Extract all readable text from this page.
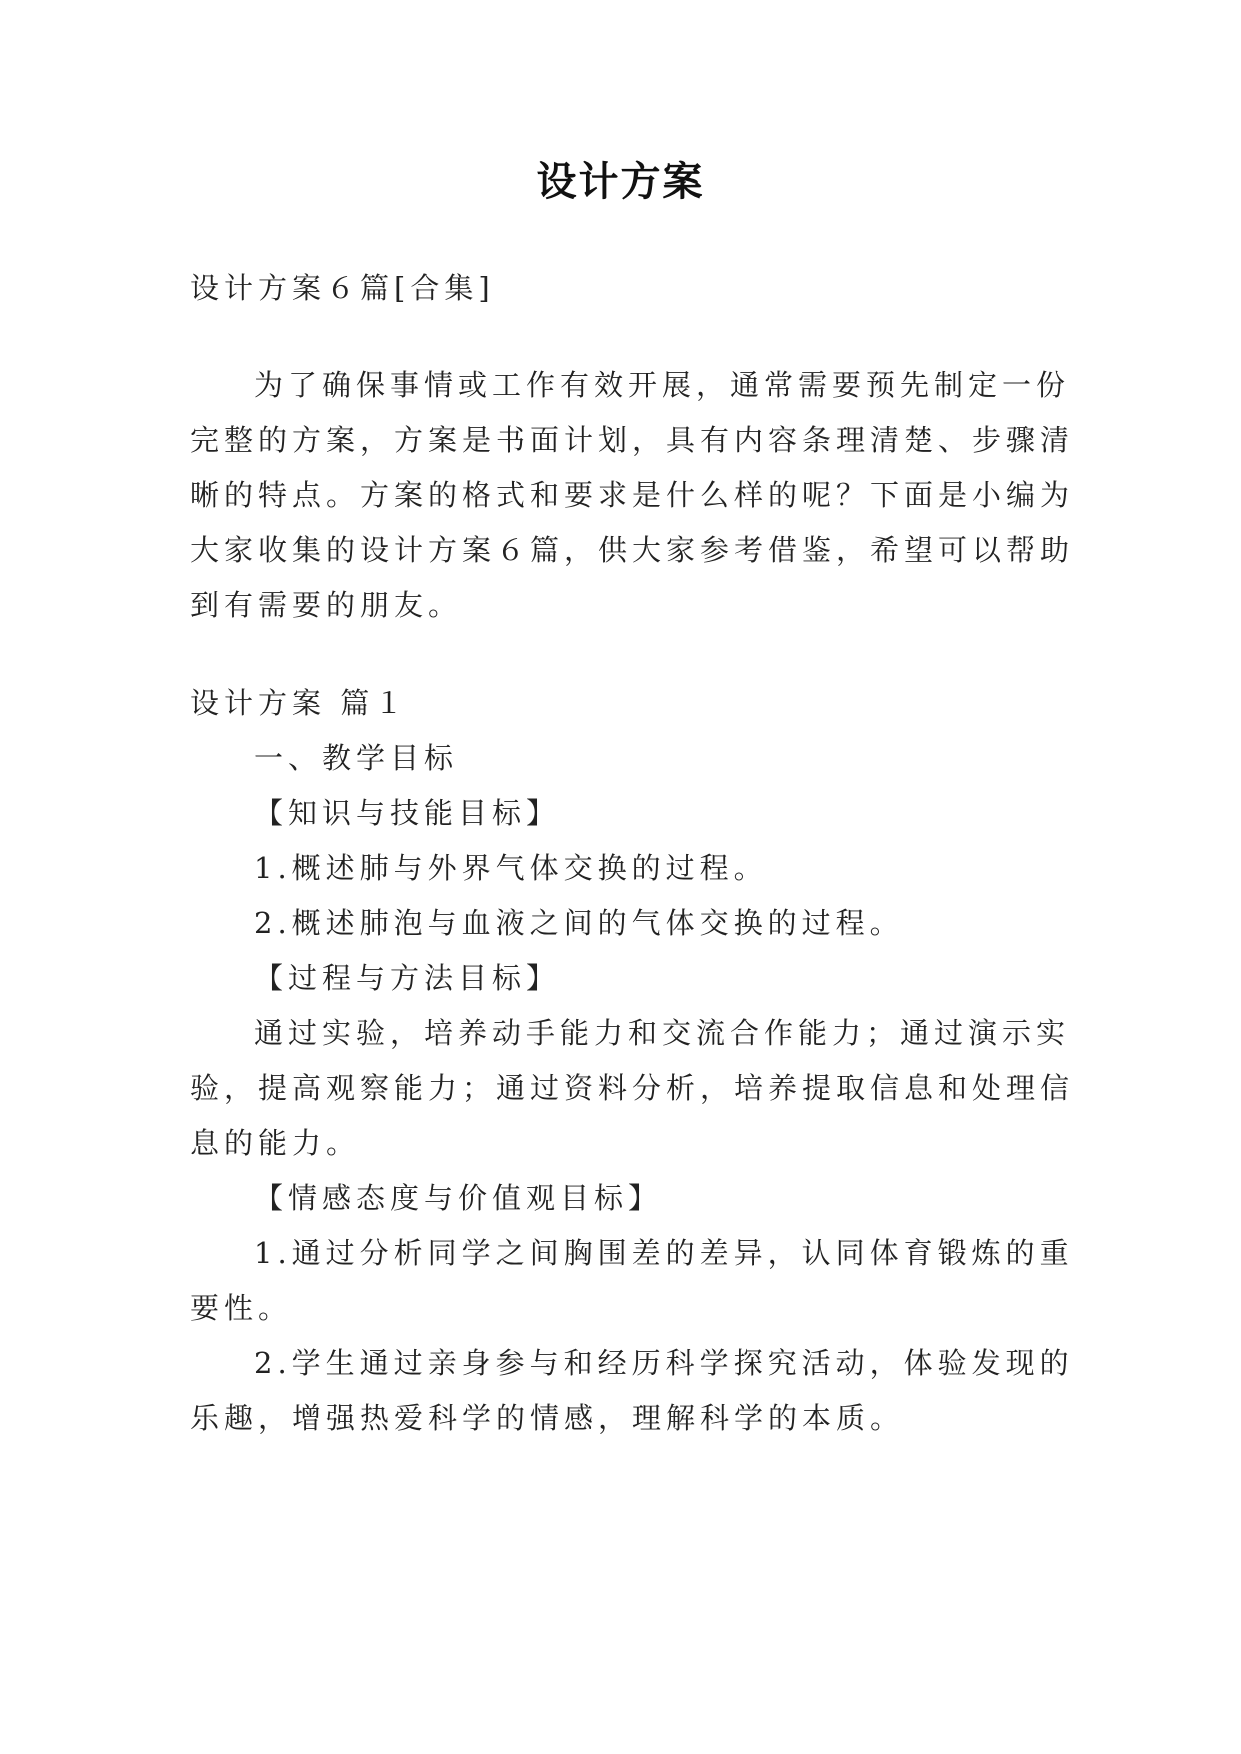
设计方案
设计方案６篇[合集]
为了确保事情或工作有效开展，通常需要预先制定一份
完整的方案，方案是书面计划，具有内容条理清楚、步骤清
晰的特点。方案的格式和要求是什么样的呢？下面是小编为
大家收集的设计方案６篇，供大家参考借鉴，希望可以帮助
到有需要的朋友。
设计方案 篇１
一、教学目标
【知识与技能目标】
1.概述肺与外界气体交换的过程。
2.概述肺泡与血液之间的气体交换的过程。
【过程与方法目标】
通过实验，培养动手能力和交流合作能力；通过演示实
验，提高观察能力；通过资料分析，培养提取信息和处理信
息的能力。
【情感态度与价值观目标】
1.通过分析同学之间胸围差的差异，认同体育锻炼的重
要性。
2.学生通过亲身参与和经历科学探究活动，体验发现的
乐趣，增强热爱科学的情感，理解科学的本质。
